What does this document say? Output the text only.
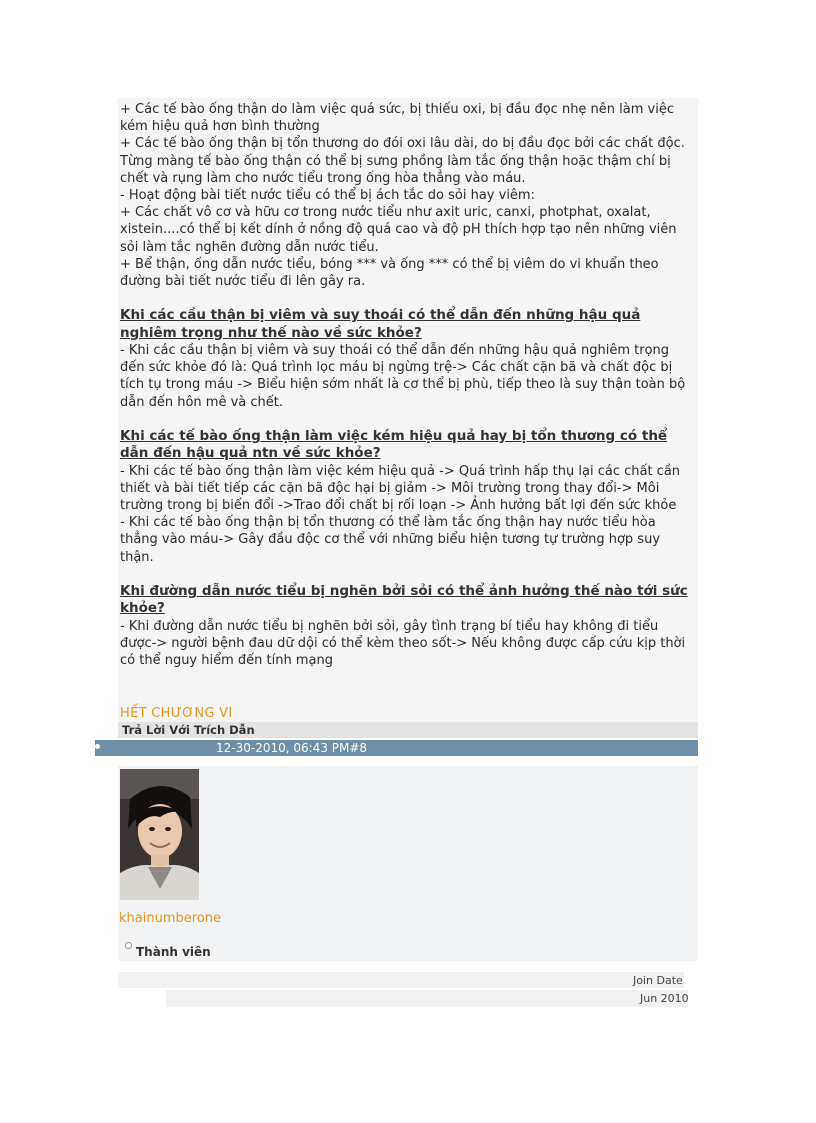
+ Các tế bào ống thận do làm việc quá sức, bị thiếu oxi, bị đầu đọc nhẹ nên làm việc kém hiệu quả hơn bình thường

+ Các tế bào ống thận bị tổn thương do đói oxi lâu dài, do bị đầu đọc bởi các chất độc. Từng màng tế bào ống thận có thể bị sưng phồng làm tắc ống thận hoặc thậm chí bị chết và rụng làm cho nước tiểu trong ống hòa thẳng vào máu.

- Hoạt động bài tiết nước tiểu có thể bị ách tắc do sỏi hay viêm:

+ Các chất vô cơ và hữu cơ trong nước tiểu như axit uric, canxi, photphat, oxalat, xistein....có thể bị kết dính ở nồng độ quá cao và độ pH thích hợp tạo nên những viên sỏi làm tắc nghẽn đường dẫn nước tiểu.

+ Bể thận, ống dẫn nước tiểu, bóng *** và ống *** có thể bị viêm do vi khuẩn theo đường bài tiết nước tiểu đi lên gây ra.

Khi các cầu thận bị viêm và suy thoái có thể dẫn đến những hậu quả nghiêm trọng như thế nào về sức khỏe?

- Khi các cầu thận bị viêm và suy thoái có thể dẫn đến những hậu quả nghiêm trọng đến sức khỏe đó là: Quá trình lọc máu bị ngừng trệ-> Các chất cặn bã và chất độc bị tích tụ trong máu -> Biểu hiện sớm nhất là cơ thể bị phù, tiếp theo là suy thận toàn bộ dẫn đến hôn mê và chết.

Khi các tế bào ống thận làm việc kém hiệu quả hay bị tổn thương có thể dẫn đến hậu quả ntn về sức khỏe?

- Khi các tế bào ống thận làm việc kém hiệu quả -> Quá trình hấp thụ lại các chất cần thiết và bài tiết tiếp các cặn bã độc hại bị giảm -> Môi trường trong thay đổi-> Môi trường trong bị biến đổi ->Trao đổi chất bị rối loạn -> Ảnh hưởng bất lợi đến sức khỏe

- Khi các tế bào ống thận bị tổn thương có thể làm tắc ống thận hay nước tiểu hòa thẳng vào máu-> Gây đầu độc cơ thể với những biểu hiện tương tự trường hợp suy thận.

Khi đường dẫn nước tiểu bị nghẽn bởi sỏi có thể ảnh hưởng thế nào tới sức khỏe?

- Khi đường dẫn nước tiểu bị nghẽn bởi sỏi, gây tình trạng bí tiểu hay không đi tiểu được-> người bệnh đau dữ dội có thể kèm theo sốt-> Nếu không được cấp cứu kịp thời có thể nguy hiểm đến tính mạng

HẾT CHƯƠNG VI
Trả Lời Với Trích Dẫn
12-30-2010, 06:43 PM#8
khainumberone
Thành viên
Join Date
Jun 2010
